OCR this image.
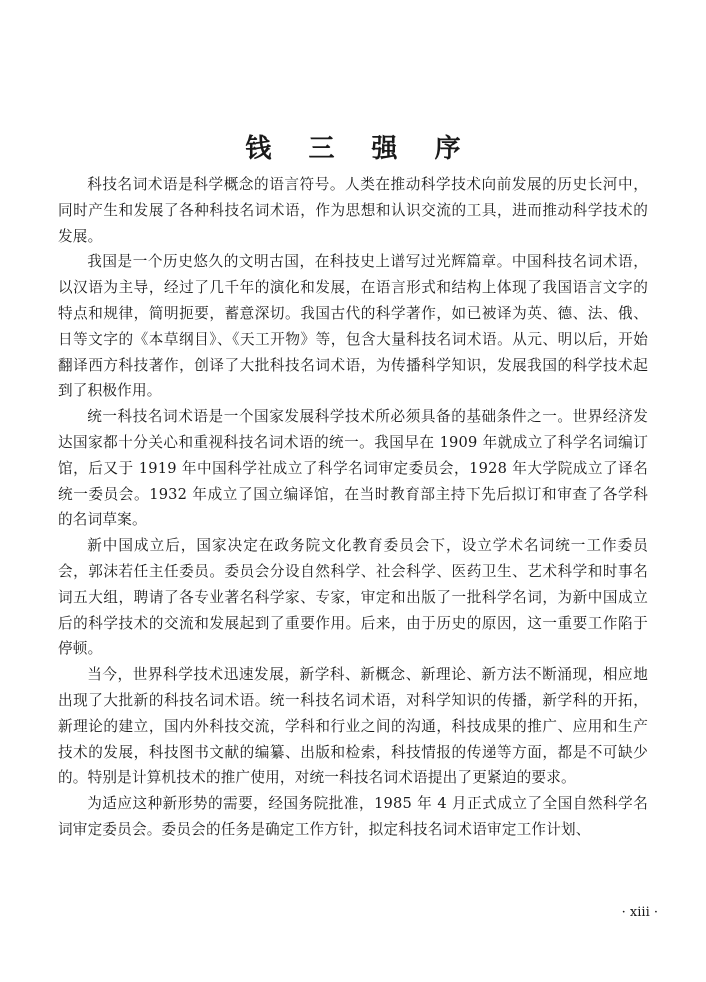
钱 三 强 序

科技名词术语是科学概念的语言符号。人类在推动科学技术向前发展的历史长河中，同时产生和发展了各种科技名词术语，作为思想和认识交流的工具，进而推动科学技术的发展。

我国是一个历史悠久的文明古国，在科技史上谱写过光辉篇章。中国科技名词术语，以汉语为主导，经过了几千年的演化和发展，在语言形式和结构上体现了我国语言文字的特点和规律，简明扼要，蓄意深切。我国古代的科学著作，如已被译为英、德、法、俄、日等文字的《本草纲目》、《天工开物》等，包含大量科技名词术语。从元、明以后，开始翻译西方科技著作，创译了大批科技名词术语，为传播科学知识，发展我国的科学技术起到了积极作用。

统一科技名词术语是一个国家发展科学技术所必须具备的基础条件之一。世界经济发达国家都十分关心和重视科技名词术语的统一。我国早在 1909 年就成立了科学名词编订馆，后又于 1919 年中国科学社成立了科学名词审定委员会，1928 年大学院成立了译名统一委员会。1932 年成立了国立编译馆，在当时教育部主持下先后拟订和审查了各学科的名词草案。

新中国成立后，国家决定在政务院文化教育委员会下，设立学术名词统一工作委员会，郭沫若任主任委员。委员会分设自然科学、社会科学、医药卫生、艺术科学和时事名词五大组，聘请了各专业著名科学家、专家，审定和出版了一批科学名词，为新中国成立后的科学技术的交流和发展起到了重要作用。后来，由于历史的原因，这一重要工作陷于停顿。

当今，世界科学技术迅速发展，新学科、新概念、新理论、新方法不断涌现，相应地出现了大批新的科技名词术语。统一科技名词术语，对科学知识的传播，新学科的开拓，新理论的建立，国内外科技交流，学科和行业之间的沟通，科技成果的推广、应用和生产技术的发展，科技图书文献的编纂、出版和检索，科技情报的传递等方面，都是不可缺少的。特别是计算机技术的推广使用，对统一科技名词术语提出了更紧迫的要求。

为适应这种新形势的需要，经国务院批准，1985 年 4 月正式成立了全国自然科学名词审定委员会。委员会的任务是确定工作方针，拟定科技名词术语审定工作计划、

· xiii ·
